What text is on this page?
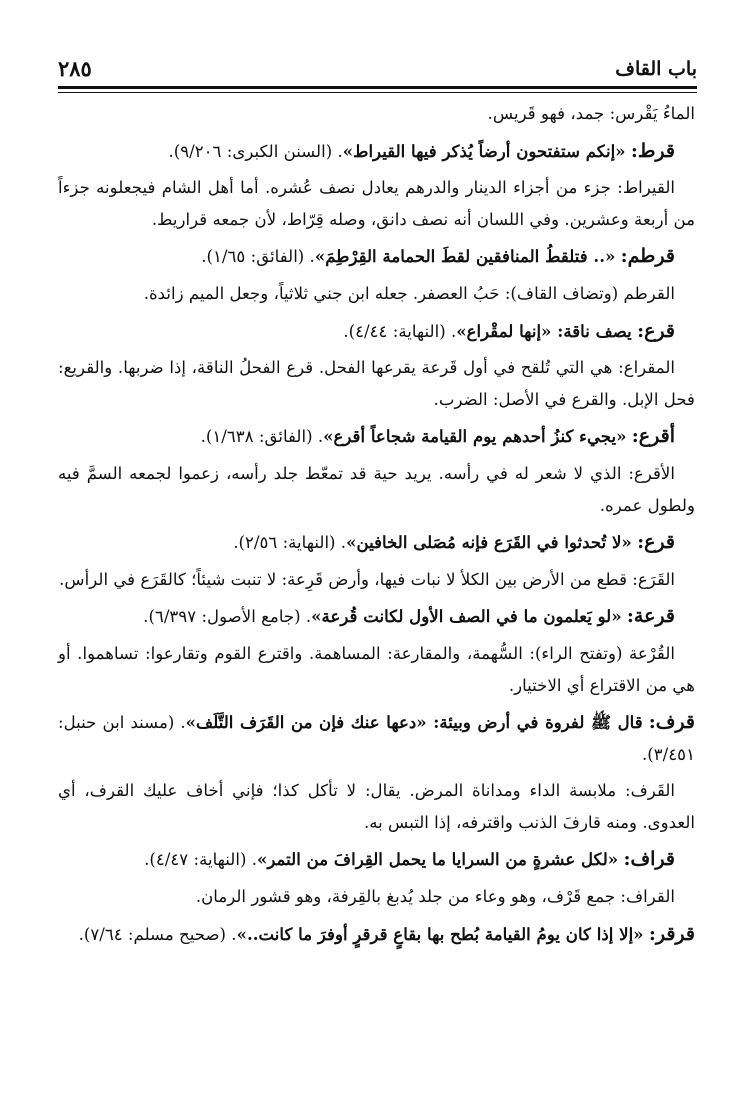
باب القاف
٢٨٥

الماءُ يَقْرس: جمد، فهو قَريس.

قرط: «إنكم ستفتحون أرضاً يُذكر فيها القيراط». (السنن الكبرى: ٩/٢٠٦).

القيراط: جزء من أجزاء الدينار والدرهم يعادل نصف عُشره. أما أهل الشام فيجعلونه جزءاً من أربعة وعشرين. وفي اللسان أنه نصف دانق، وصله قِرّاط، لأن جمعه قراريط.

قرطم: «.. فتلقطُ المنافقين لقطَ الحمامة القِرْطِمَ». (الفائق: ١/٦٥).

القرطم (وتضاف القاف): حَبُ العصفر. جعله ابن جني ثلاثياً، وجعل الميم زائدة.

قرع: يصف ناقة: «إنها لمقْراع». (النهاية: ٤/٤٤).

المقراع: هي التي تُلقح في أول قَرعة يقرعها الفحل. قرع الفحلُ الناقة، إذا ضربها. والقريع: فحل الإبل. والقرع في الأصل: الضرب.

أقرع: «يجيء كنزُ أحدهم يوم القيامة شجاعاً أقرع». (الفائق: ١/٦٣٨).

الأقرع: الذي لا شعر له في رأسه. يريد حية قد تمعّط جلد رأسه، زعموا لجمعه السمَّ فيه ولطول عمره.

قرع: «لا تُحدثوا في القَرَع فإنه مُصَلى الخافين». (النهاية: ٢/٥٦).

القَرَع: قطع من الأرض بين الكلأ لا نبات فيها، وأرض قَرِعة: لا تنبت شيئاً؛ كالقَرَع في الرأس.

قرعة: «لو يَعلمون ما في الصف الأول لكانت قُرعة». (جامع الأصول: ٦/٣٩٧).

القُرْعة (وتفتح الراء): السُّهمة، والمقارعة: المساهمة. واقترع القوم وتقارعوا: تساهموا. أو هي من الاقتراع أي الاختيار.

قرف: قال ﷺ لفروة في أرض وبيئة: «دعها عنك فإن من القَرَف التَّلَف». (مسند ابن حنبل: ٣/٤٥١).

القَرف: ملابسة الداء ومداناة المرض. يقال: لا تأكل كذا؛ فإني أخاف عليك القرف، أي العدوى. ومنه قارفَ الذنب واقترفه، إذا التبس به.

قراف: «لكل عشرةٍ من السرايا ما يحمل القِرافَ من التمر». (النهاية: ٤/٤٧).

القراف: جمع قَرْف، وهو وعاء من جلد يُدبغ بالقِرفة، وهو قشور الرمان.

قرقر: «إلا إذا كان يومُ القيامة بُطح بها بقاعٍ قرقرٍ أوفرَ ما كانت..». (صحيح مسلم: ٧/٦٤).
